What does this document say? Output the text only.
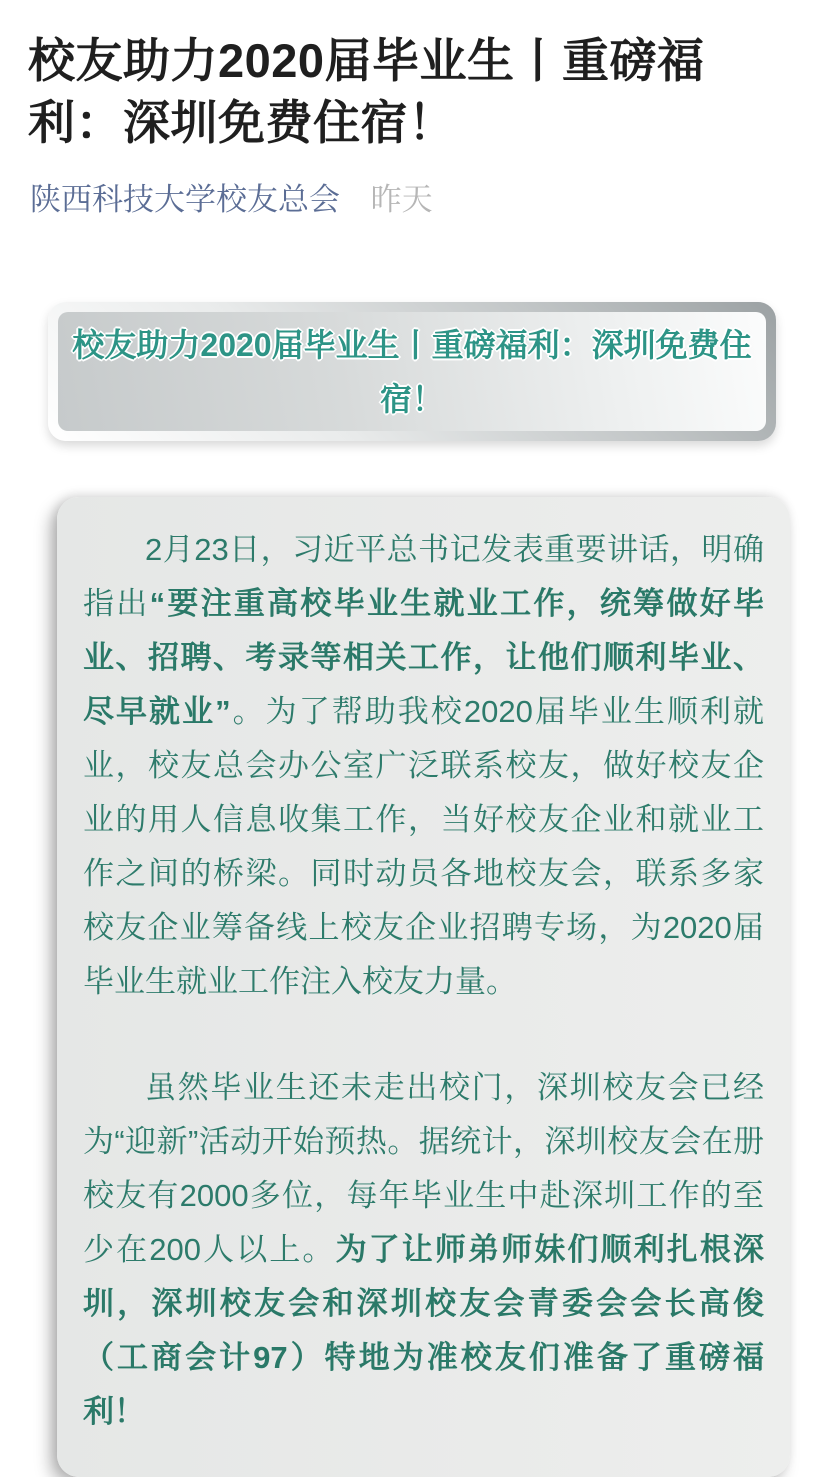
校友助力2020届毕业生丨重磅福利：深圳免费住宿！
陕西科技大学校友总会 昨天
校友助力2020届毕业生丨重磅福利：深圳免费住宿！

2月23日，习近平总书记发表重要讲话，明确指出“要注重高校毕业生就业工作，统筹做好毕业、招聘、考录等相关工作，让他们顺利毕业、尽早就业”。为了帮助我校2020届毕业生顺利就业，校友总会办公室广泛联系校友，做好校友企业的用人信息收集工作，当好校友企业和就业工作之间的桥梁。同时动员各地校友会，联系多家校友企业筹备线上校友企业招聘专场，为2020届毕业生就业工作注入校友力量。

虽然毕业生还未走出校门，深圳校友会已经为“迎新”活动开始预热。据统计，深圳校友会在册校友有2000多位，每年毕业生中赴深圳工作的至少在200人以上。为了让师弟师妹们顺利扎根深圳，深圳校友会和深圳校友会青委会会长高俊（工商会计97）特地为准校友们准备了重磅福利！
